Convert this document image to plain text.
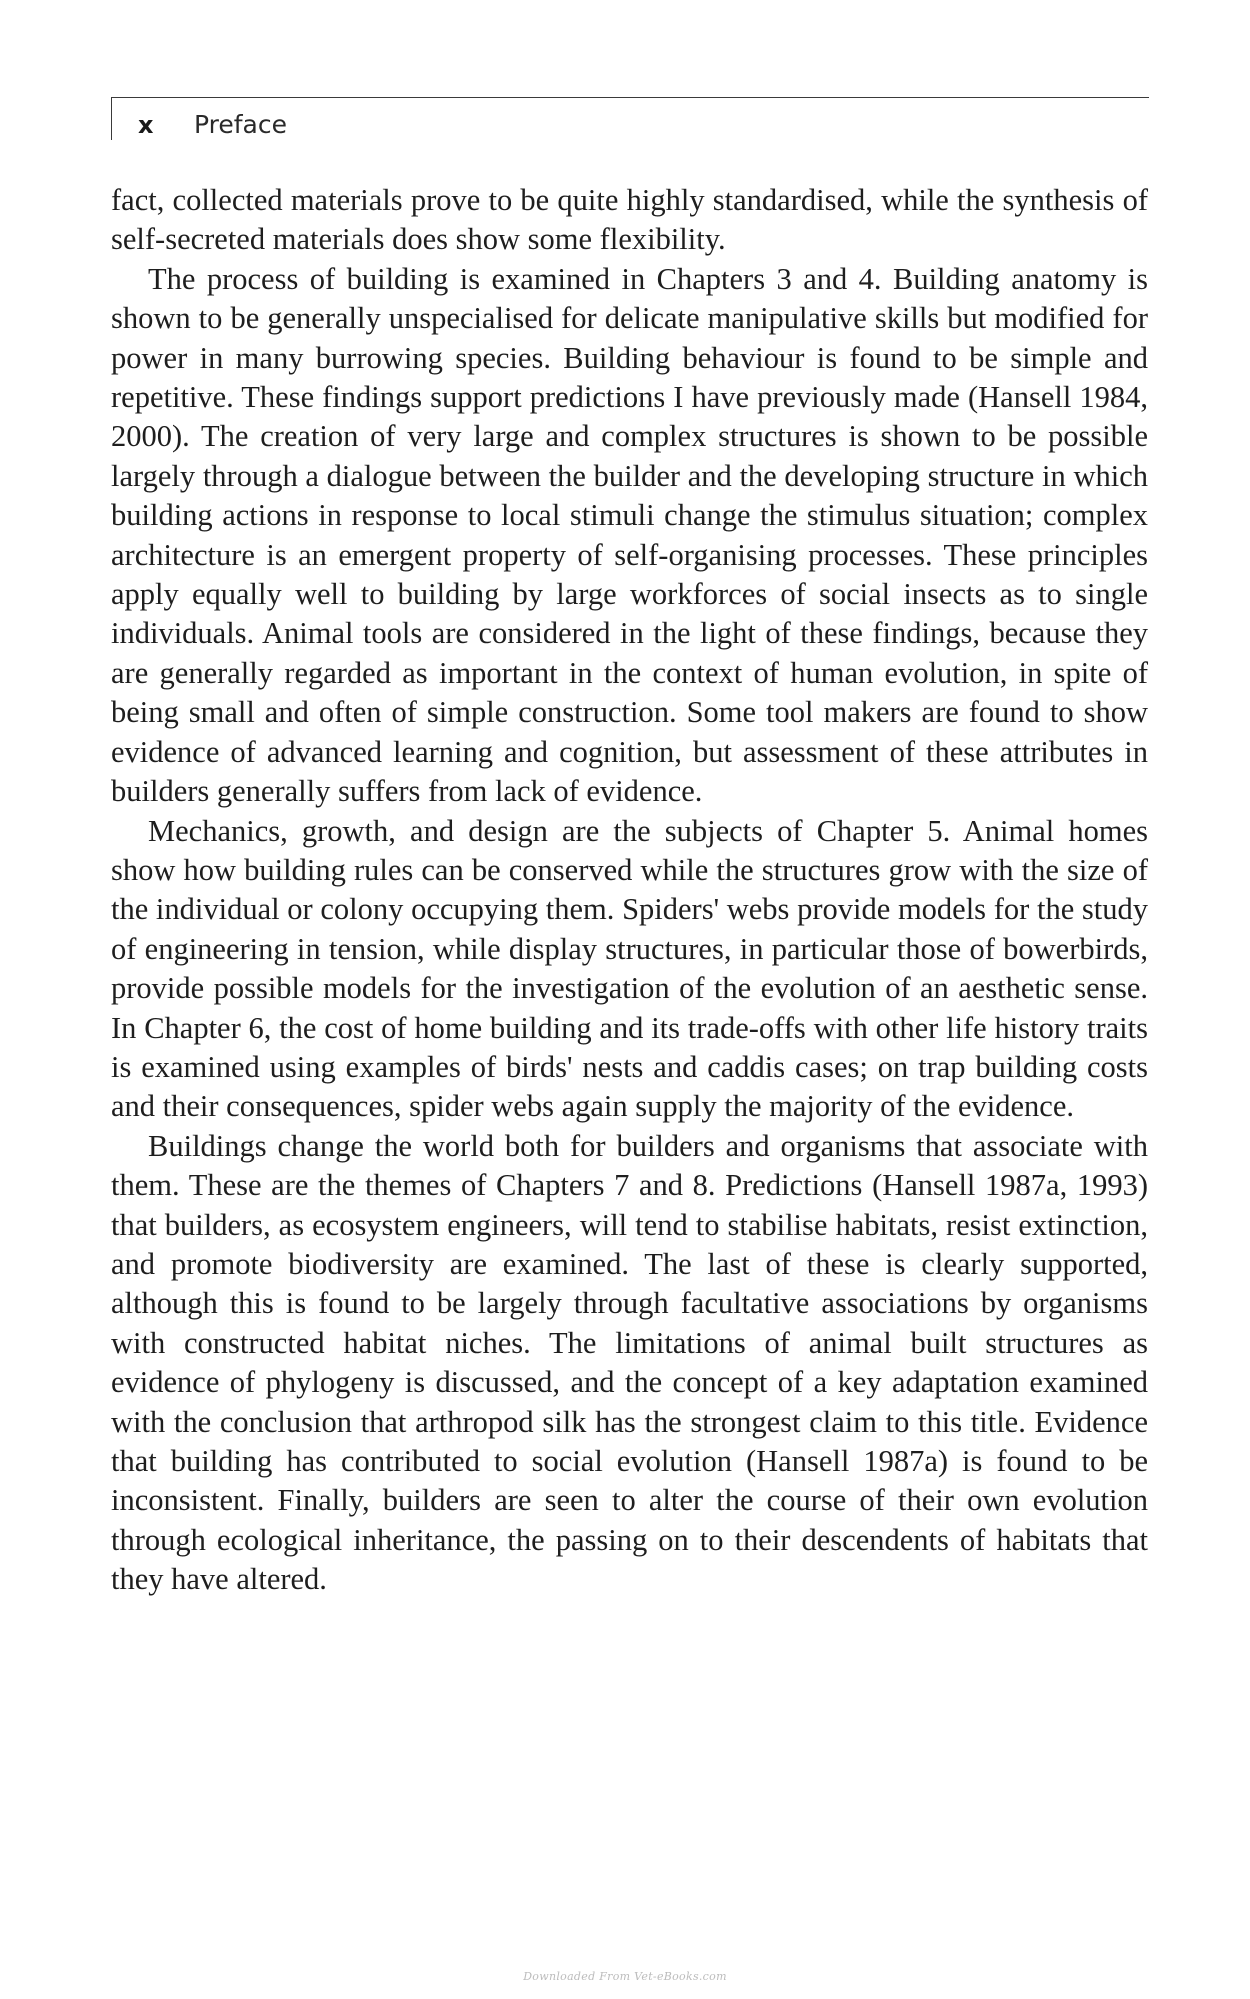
x Preface

fact, collected materials prove to be quite highly standardised, while the synthesis of self-secreted materials does show some flexibility.

The process of building is examined in Chapters 3 and 4. Building anatomy is shown to be generally unspecialised for delicate manipulative skills but modified for power in many burrowing species. Building behaviour is found to be simple and repetitive. These findings support predictions I have previously made (Hansell 1984, 2000). The creation of very large and complex structures is shown to be possible largely through a dialogue between the builder and the developing structure in which building actions in response to local stimuli change the stimulus situation; complex architecture is an emergent property of self-organising processes. These principles apply equally well to building by large workforces of social insects as to single individuals. Animal tools are considered in the light of these findings, because they are generally regarded as important in the context of human evolution, in spite of being small and often of simple construction. Some tool makers are found to show evidence of advanced learning and cognition, but assessment of these attributes in builders generally suffers from lack of evidence.

Mechanics, growth, and design are the subjects of Chapter 5. Animal homes show how building rules can be conserved while the structures grow with the size of the individual or colony occupying them. Spiders' webs provide models for the study of engineering in tension, while display structures, in particular those of bowerbirds, provide possible models for the investigation of the evolution of an aesthetic sense. In Chapter 6, the cost of home building and its trade-offs with other life history traits is examined using examples of birds' nests and caddis cases; on trap building costs and their consequences, spider webs again supply the majority of the evidence.

Buildings change the world both for builders and organisms that associate with them. These are the themes of Chapters 7 and 8. Predictions (Hansell 1987a, 1993) that builders, as ecosystem engineers, will tend to stabilise habitats, resist extinction, and promote biodiversity are examined. The last of these is clearly supported, although this is found to be largely through facultative associations by organisms with constructed habitat niches. The limitations of animal built structures as evidence of phylogeny is discussed, and the concept of a key adaptation examined with the conclusion that arthropod silk has the strongest claim to this title. Evidence that building has contributed to social evolution (Hansell 1987a) is found to be inconsistent. Finally, builders are seen to alter the course of their own evolution through ecological inheritance, the passing on to their descendents of habitats that they have altered.

Downloaded From Vet-eBooks.com
